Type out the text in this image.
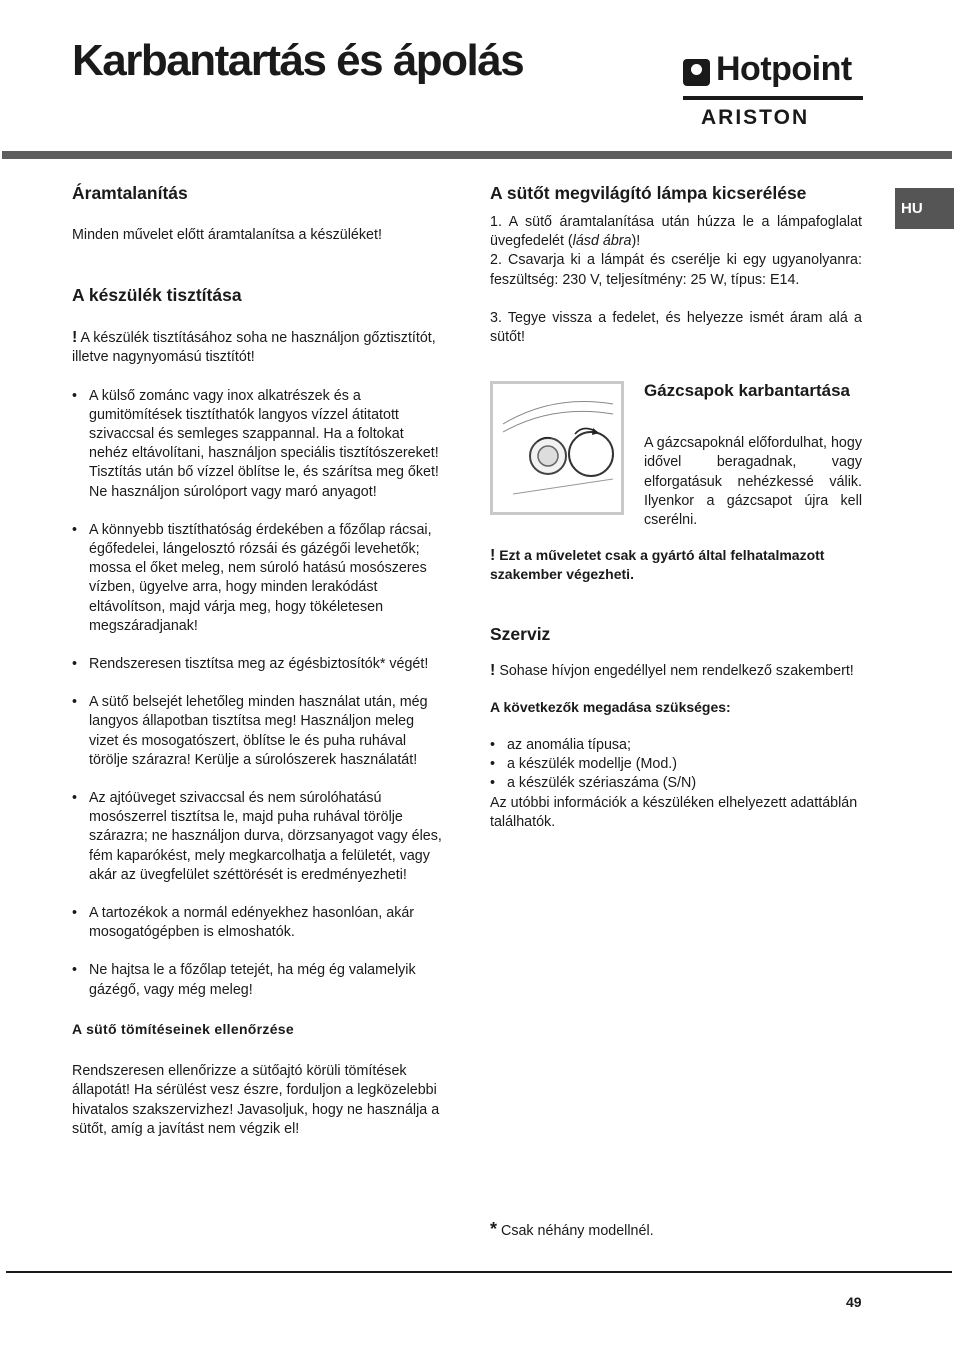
Karbantartás és ápolás	Hotpoint
ARISTON
HU
Áramtalanítás

Minden művelet előtt áramtalanítsa a készüléket!

A készülék tisztítása

! A készülék tisztításához soha ne használjon gőztisztítót, illetve nagynyomású tisztítót!

• A külső zománc vagy inox alkatrészek és a gumitömítések tisztíthatók langyos vízzel átitatott szivaccsal és semleges szappannal. Ha a foltokat nehéz eltávolítani, használjon speciális tisztítószereket! Tisztítás után bő vízzel öblítse le, és szárítsa meg őket! Ne használjon súrolóport vagy maró anyagot!
• A könnyebb tisztíthatóság érdekében a főzőlap rácsai, égőfedelei, lángelosztó rózsái és gázégői levehetők; mossa el őket meleg, nem súroló hatású mosószeres vízben, ügyelve arra, hogy minden lerakódást eltávolítson, majd várja meg, hogy tökéletesen megszáradjanak!
• Rendszeresen tisztítsa meg az égésbiztosítók* végét!
• A sütő belsejét lehetőleg minden használat után, még langyos állapotban tisztítsa meg! Használjon meleg vizet és mosogatószert, öblítse le és puha ruhával törölje szárazra! Kerülje a súrolószerek használatát!
• Az ajtóüveget szivaccsal és nem súrolóhatású mosószerrel tisztítsa le, majd puha ruhával törölje szárazra; ne használjon durva, dörzsanyagot vagy éles, fém kaparókést, mely megkarcolhatja a felületét, vagy akár az üvegfelület széttörését is eredményezheti!
• A tartozékok a normál edényekhez hasonlóan, akár mosogatógépben is elmoshatók.
• Ne hajtsa le a főzőlap tetejét, ha még ég valamelyik gázégő, vagy még meleg!

A sütő tömítéseinek ellenőrzése

Rendszeresen ellenőrizze a sütőajtó körüli tömítések állapotát! Ha sérülést vesz észre, forduljon a legközelebbi hivatalos szakszervizhez! Javasoljuk, hogy ne használja a sütőt, amíg a javítást nem végzik el!

A sütőt megvilágító lámpa kicserélése

1. A sütő áramtalanítása után húzza le a lámpafoglalat üvegfedelét (lásd ábra)!

2. Csavarja ki a lámpát és cserélje ki egy ugyanolyanra: feszültség: 230 V, teljesítmény: 25 W, típus: E14.

3. Tegye vissza a fedelet, és helyezze ismét áram alá a sütőt!

Gázcsapok karbantartása

A gázcsapoknál előfordulhat, hogy idővel beragadnak, vagy elforgatásuk nehézkessé válik. Ilyenkor a gázcsapot újra kell cserélni.

! Ezt a műveletet csak a gyártó által felhatalmazott szakember végezheti.

Szerviz

! Sohase hívjon engedéllyel nem rendelkező szakembert!

A következők megadása szükséges:

• az anomália típusa;
• a készülék modellje (Mod.)
• a készülék szériaszáma (S/N)

Az utóbbi információk a készüléken elhelyezett adattáblán találhatók.

* Csak néhány modellnél.
49
